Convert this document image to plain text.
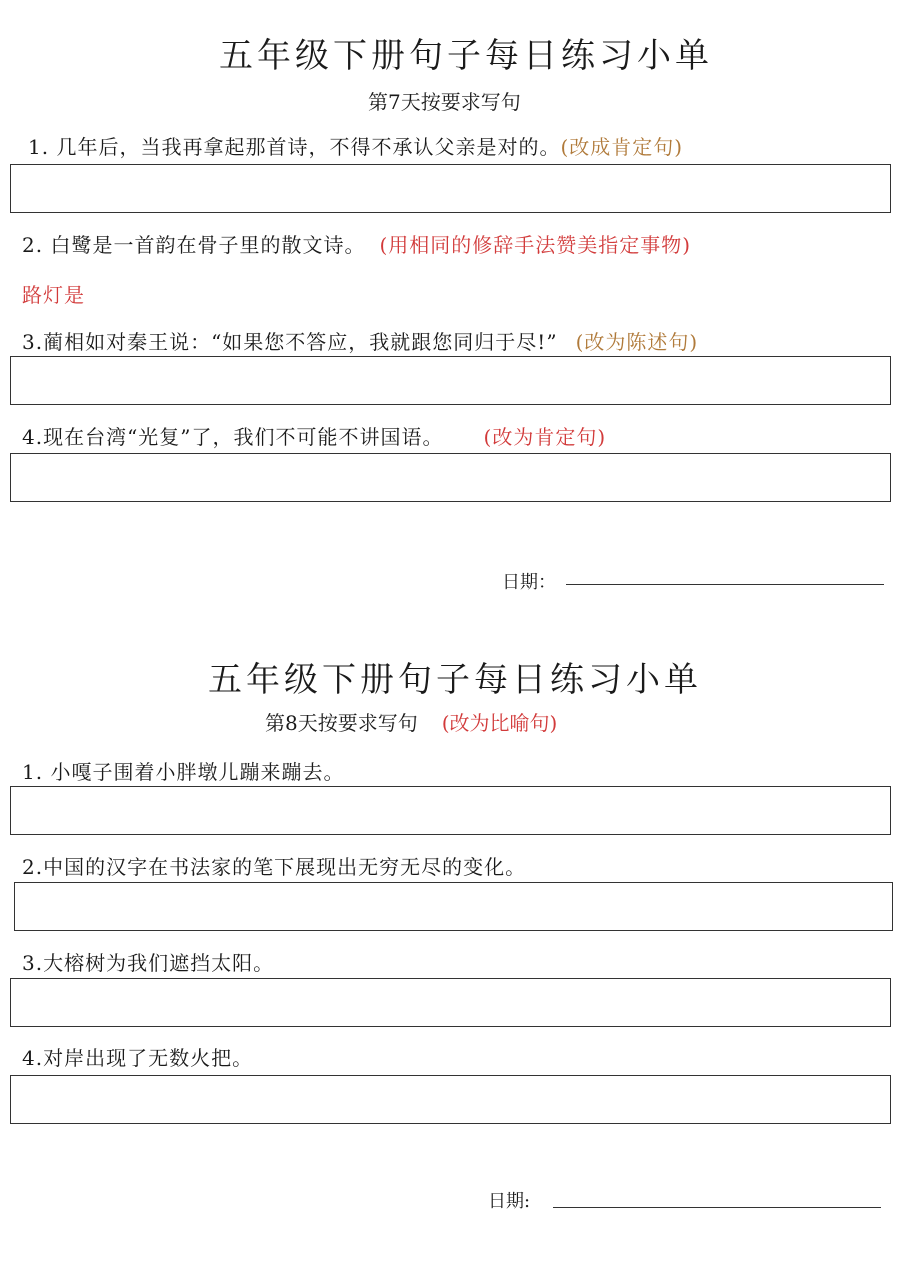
五年级下册句子每日练习小单
第7天按要求写句
1. 几年后，当我再拿起那首诗，不得不承认父亲是对的。(改成肯定句)
2. 白鹭是一首韵在骨子里的散文诗。 (用相同的修辞手法赞美指定事物)
路灯是
3.蔺相如对秦王说：“如果您不答应，我就跟您同归于尽!” (改为陈述句)
4.现在台湾“光复”了，我们不可能不讲国语。 (改为肯定句)
日期：
五年级下册句子每日练习小单
第8天按要求写句 (改为比喻句)
1. 小嘎子围着小胖墩儿蹦来蹦去。
2.中国的汉字在书法家的笔下展现出无穷无尽的变化。
3.大榕树为我们遮挡太阳。
4.对岸出现了无数火把。
日期:
